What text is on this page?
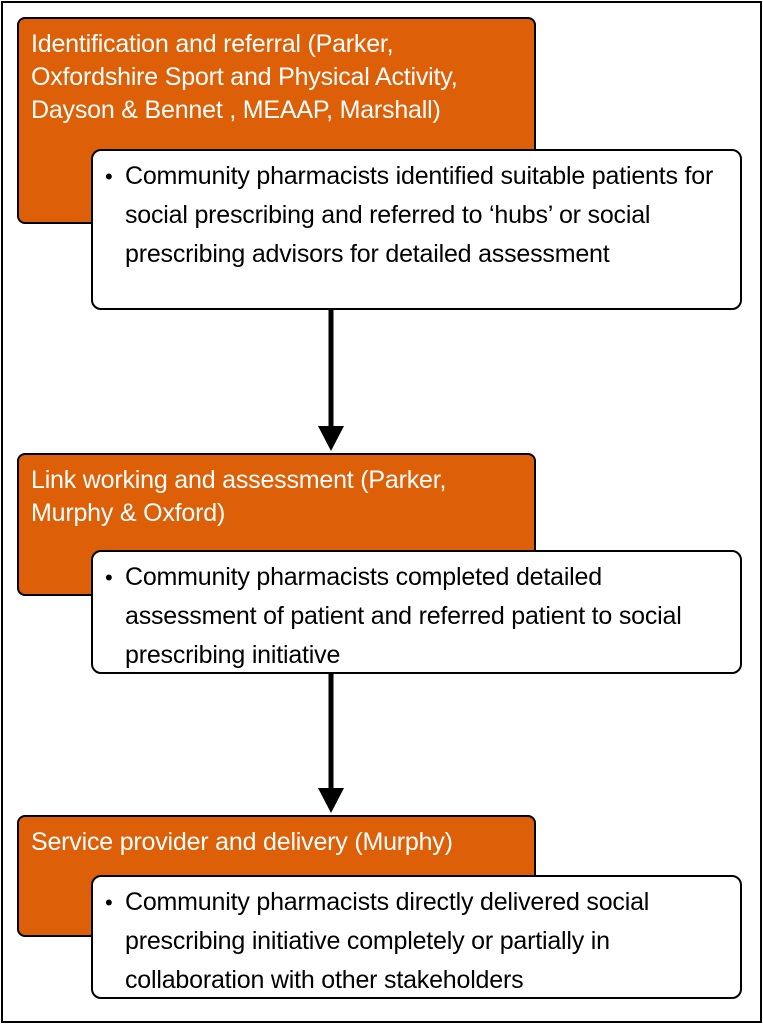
Identification and referral (Parker, Oxfordshire Sport and Physical Activity, Dayson & Bennet , MEAAP, Marshall)
• Community pharmacists identified suitable patients for social prescribing and referred to ‘hubs’ or social prescribing advisors for detailed assessment
Link working and assessment (Parker, Murphy & Oxford)
• Community pharmacists completed detailed assessment of patient and referred patient to social prescribing initiative
Service provider and delivery (Murphy)
• Community pharmacists directly delivered social prescribing initiative completely or partially in collaboration with other stakeholders
